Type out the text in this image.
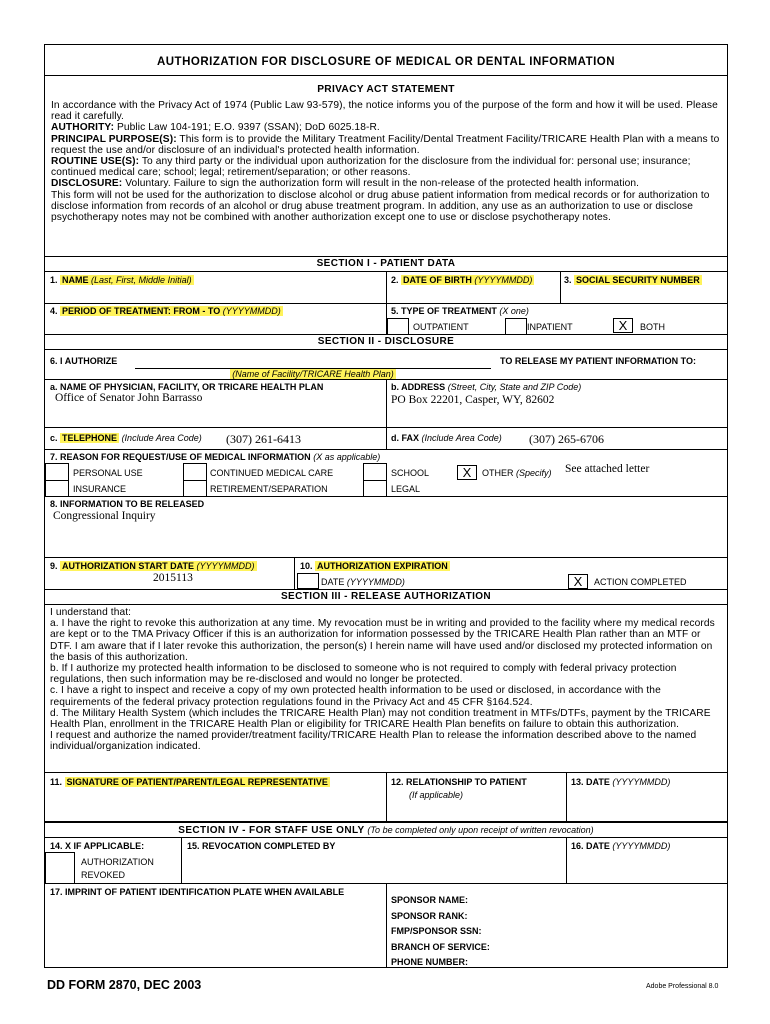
AUTHORIZATION FOR DISCLOSURE OF MEDICAL OR DENTAL INFORMATION
PRIVACY ACT STATEMENT
In accordance with the Privacy Act of 1974 (Public Law 93-579), the notice informs you of the purpose of the form and how it will be used. Please read it carefully.
AUTHORITY: Public Law 104-191; E.O. 9397 (SSAN); DoD 6025.18-R.
PRINCIPAL PURPOSE(S): This form is to provide the Military Treatment Facility/Dental Treatment Facility/TRICARE Health Plan with a means to request the use and/or disclosure of an individual's protected health information.
ROUTINE USE(S): To any third party or the individual upon authorization for the disclosure from the individual for: personal use; insurance; continued medical care; school; legal; retirement/separation; or other reasons.
DISCLOSURE: Voluntary. Failure to sign the authorization form will result in the non-release of the protected health information.
This form will not be used for the authorization to disclose alcohol or drug abuse patient information from medical records or for authorization to disclose information from records of an alcohol or drug abuse treatment program. In addition, any use as an authorization to use or disclose psychotherapy notes may not be combined with another authorization except one to use or disclose psychotherapy notes.
SECTION I - PATIENT DATA
1. NAME (Last, First, Middle Initial)	2. DATE OF BIRTH (YYYYMMDD)	3. SOCIAL SECURITY NUMBER
4. PERIOD OF TREATMENT: FROM - TO (YYYYMMDD)	5. TYPE OF TREATMENT (X one)
OUTPATIENT	INPATIENT	X	BOTH
SECTION II - DISCLOSURE
6. I AUTHORIZE	TO RELEASE MY PATIENT INFORMATION TO:
(Name of Facility/TRICARE Health Plan)
a. NAME OF PHYSICIAN, FACILITY, OR TRICARE HEALTH PLAN
Office of Senator John Barrasso
b. ADDRESS (Street, City, State and ZIP Code)
PO Box 22201, Casper, WY, 82602
c. TELEPHONE (Include Area Code) (307) 261-6413	d. FAX (Include Area Code) (307) 265-6706
7. REASON FOR REQUEST/USE OF MEDICAL INFORMATION (X as applicable)
PERSONAL USE	CONTINUED MEDICAL CARE	SCHOOL	X	OTHER (Specify) See attached letter
INSURANCE	RETIREMENT/SEPARATION	LEGAL
8. INFORMATION TO BE RELEASED
Congressional Inquiry
9. AUTHORIZATION START DATE (YYYYMMDD)
2015113
10. AUTHORIZATION EXPIRATION
DATE (YYYYMMDD)	X	ACTION COMPLETED
SECTION III - RELEASE AUTHORIZATION
I understand that:
a. I have the right to revoke this authorization at any time. My revocation must be in writing and provided to the facility where my medical records are kept or to the TMA Privacy Officer if this is an authorization for information possessed by the TRICARE Health Plan rather than an MTF or DTF. I am aware that if I later revoke this authorization, the person(s) I herein name will have used and/or disclosed my protected information on the basis of this authorization.
b. If I authorize my protected health information to be disclosed to someone who is not required to comply with federal privacy protection regulations, then such information may be re-disclosed and would no longer be protected.
c. I have a right to inspect and receive a copy of my own protected health information to be used or disclosed, in accordance with the requirements of the federal privacy protection regulations found in the Privacy Act and 45 CFR §164.524.
d. The Military Health System (which includes the TRICARE Health Plan) may not condition treatment in MTFs/DTFs, payment by the TRICARE Health Plan, enrollment in the TRICARE Health Plan or eligibility for TRICARE Health Plan benefits on failure to obtain this authorization.
I request and authorize the named provider/treatment facility/TRICARE Health Plan to release the information described above to the named individual/organization indicated.
11. SIGNATURE OF PATIENT/PARENT/LEGAL REPRESENTATIVE	12. RELATIONSHIP TO PATIENT
(If applicable)
13. DATE (YYYYMMDD)
SECTION IV - FOR STAFF USE ONLY (To be completed only upon receipt of written revocation)
14. X IF APPLICABLE:
AUTHORIZATION
REVOKED
15. REVOCATION COMPLETED BY	16. DATE (YYYYMMDD)
17. IMPRINT OF PATIENT IDENTIFICATION PLATE WHEN AVAILABLE
SPONSOR NAME:
SPONSOR RANK:
FMP/SPONSOR SSN:
BRANCH OF SERVICE:
PHONE NUMBER:
DD FORM 2870, DEC 2003	Adobe Professional 8.0
